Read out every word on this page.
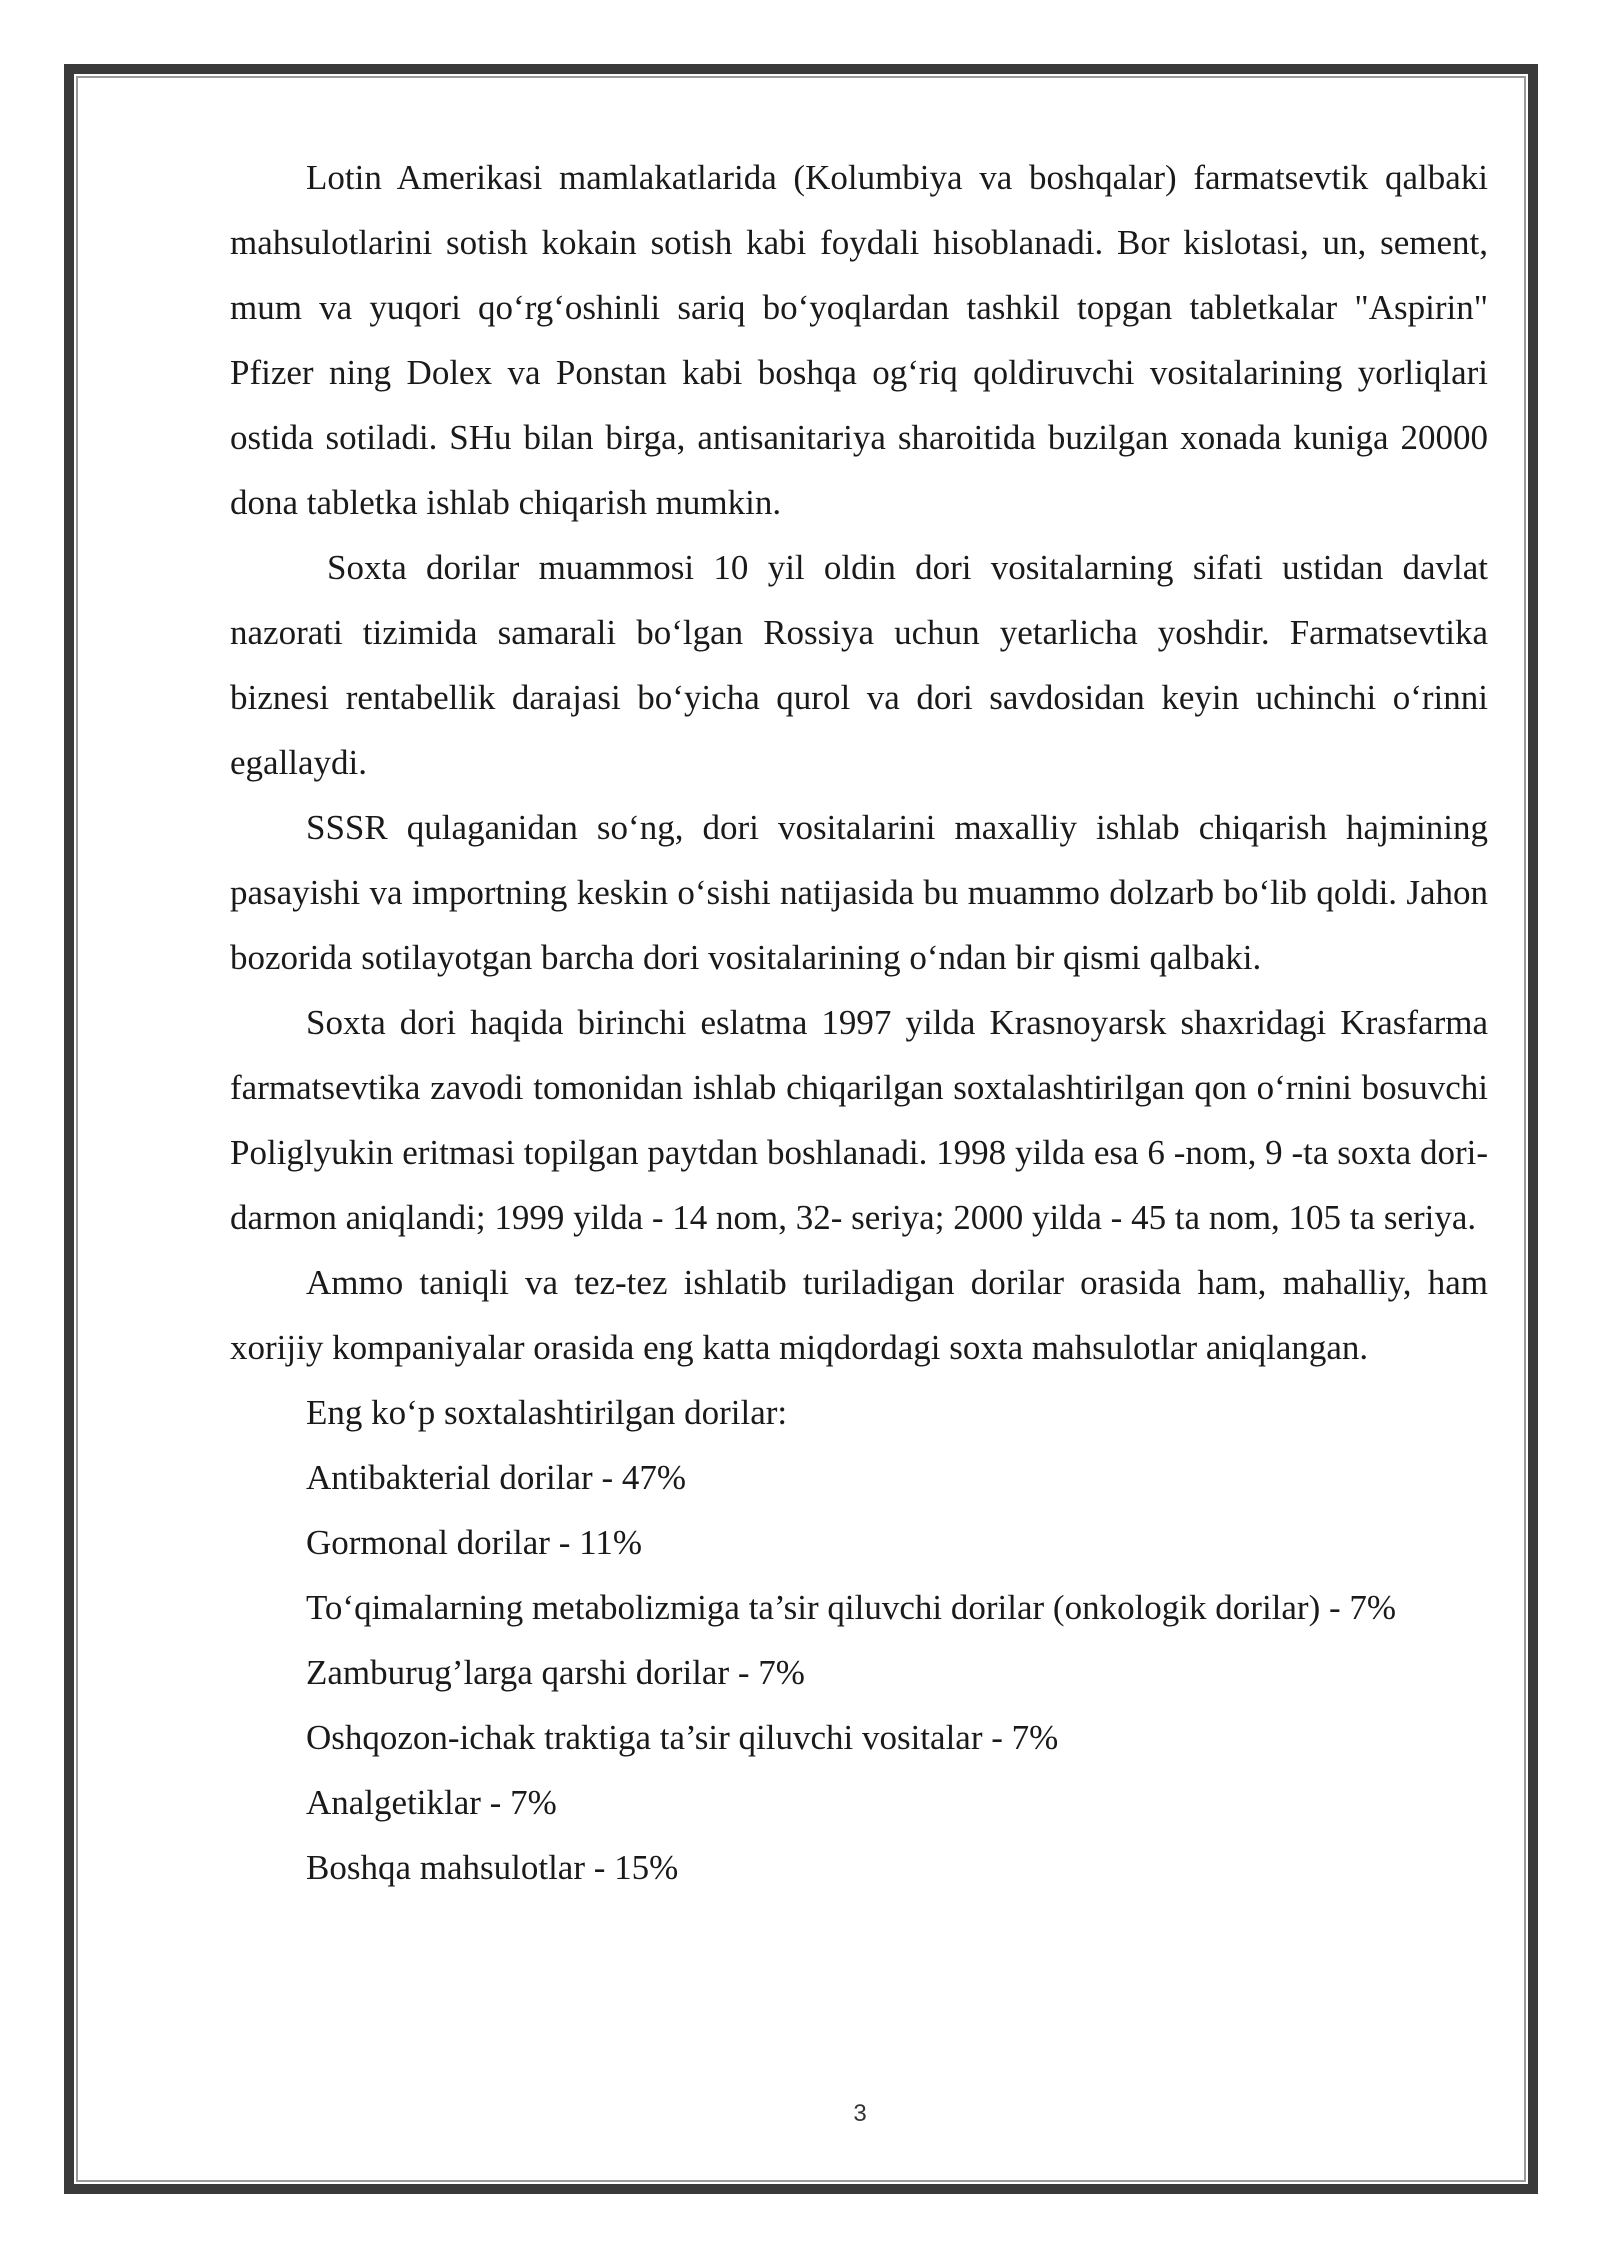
Lotin Amerikasi mamlakatlarida (Kolumbiya va boshqalar) farmatsevtik qalbaki mahsulotlarini sotish kokain sotish kabi foydali hisoblanadi. Bor kislotasi, un, sement, mum va yuqori qo‘rg‘oshinli sariq bo‘yoqlardan tashkil topgan tabletkalar "Aspirin" Pfizer ning Dolex va Ponstan kabi boshqa og‘riq qoldiruvchi vositalarining yorliqlari ostida sotiladi. SHu bilan birga, antisanitariya sharoitida buzilgan xonada kuniga 20000 dona tabletka ishlab chiqarish mumkin.

Soxta dorilar muammosi 10 yil oldin dori vositalarning sifati ustidan davlat nazorati tizimida samarali bo‘lgan Rossiya uchun yetarlicha yoshdir. Farmatsevtika biznesi rentabellik darajasi bo‘yicha qurol va dori savdosidan keyin uchinchi o‘rinni egallaydi.

SSSR qulaganidan so‘ng, dori vositalarini maxalliy ishlab chiqarish hajmining pasayishi va importning keskin o‘sishi natijasida bu muammo dolzarb bo‘lib qoldi. Jahon bozorida sotilayotgan barcha dori vositalarining o‘ndan bir qismi qalbaki.

Soxta dori haqida birinchi eslatma 1997 yilda Krasnoyarsk shaxridagi Krasfarma farmatsevtika zavodi tomonidan ishlab chiqarilgan soxtalashtirilgan qon o‘rnini bosuvchi Poliglyukin eritmasi topilgan paytdan boshlanadi. 1998 yilda esa 6 -nom, 9 -ta soxta dori-darmon aniqlandi; 1999 yilda - 14 nom, 32- seriya; 2000 yilda - 45 ta nom, 105 ta seriya.

Ammo taniqli va tez-tez ishlatib turiladigan dorilar orasida ham, mahalliy, ham xorijiy kompaniyalar orasida eng katta miqdordagi soxta mahsulotlar aniqlangan.

Eng ko‘p soxtalashtirilgan dorilar:

Antibakterial dorilar - 47%
Gormonal dorilar - 11%
To‘qimalarning metabolizmiga ta’sir qiluvchi dorilar (onkologik dorilar) - 7%
Zamburug’larga qarshi dorilar - 7%
Oshqozon-ichak traktiga ta’sir qiluvchi vositalar - 7%
Analgetiklar - 7%
Boshqa mahsulotlar - 15%
3
